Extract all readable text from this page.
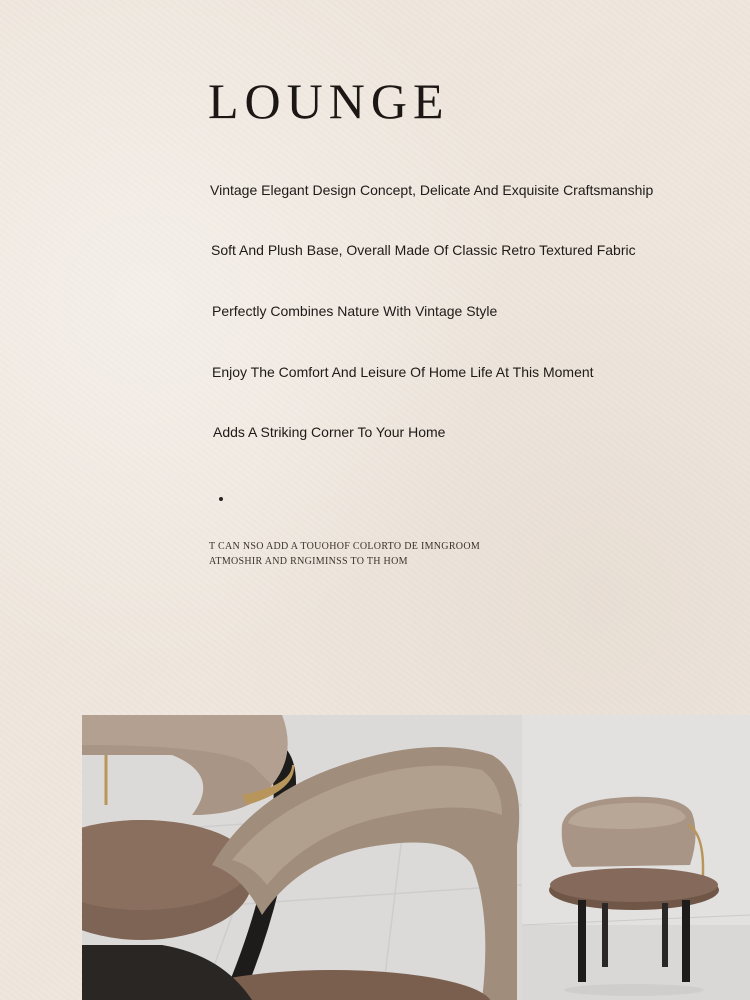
LOUNGE
Vintage Elegant Design Concept, Delicate And Exquisite Craftsmanship
Soft And Plush Base, Overall Made Of Classic Retro Textured Fabric
Perfectly Combines Nature With Vintage Style
Enjoy The Comfort And Leisure Of Home Life At This Moment
Adds A Striking Corner To Your Home
T CAN NSO ADD A TOUOHOF COLORTO DE IMNGROOM
ATMOSHIR AND RNGIMINSS TO TH HOM
